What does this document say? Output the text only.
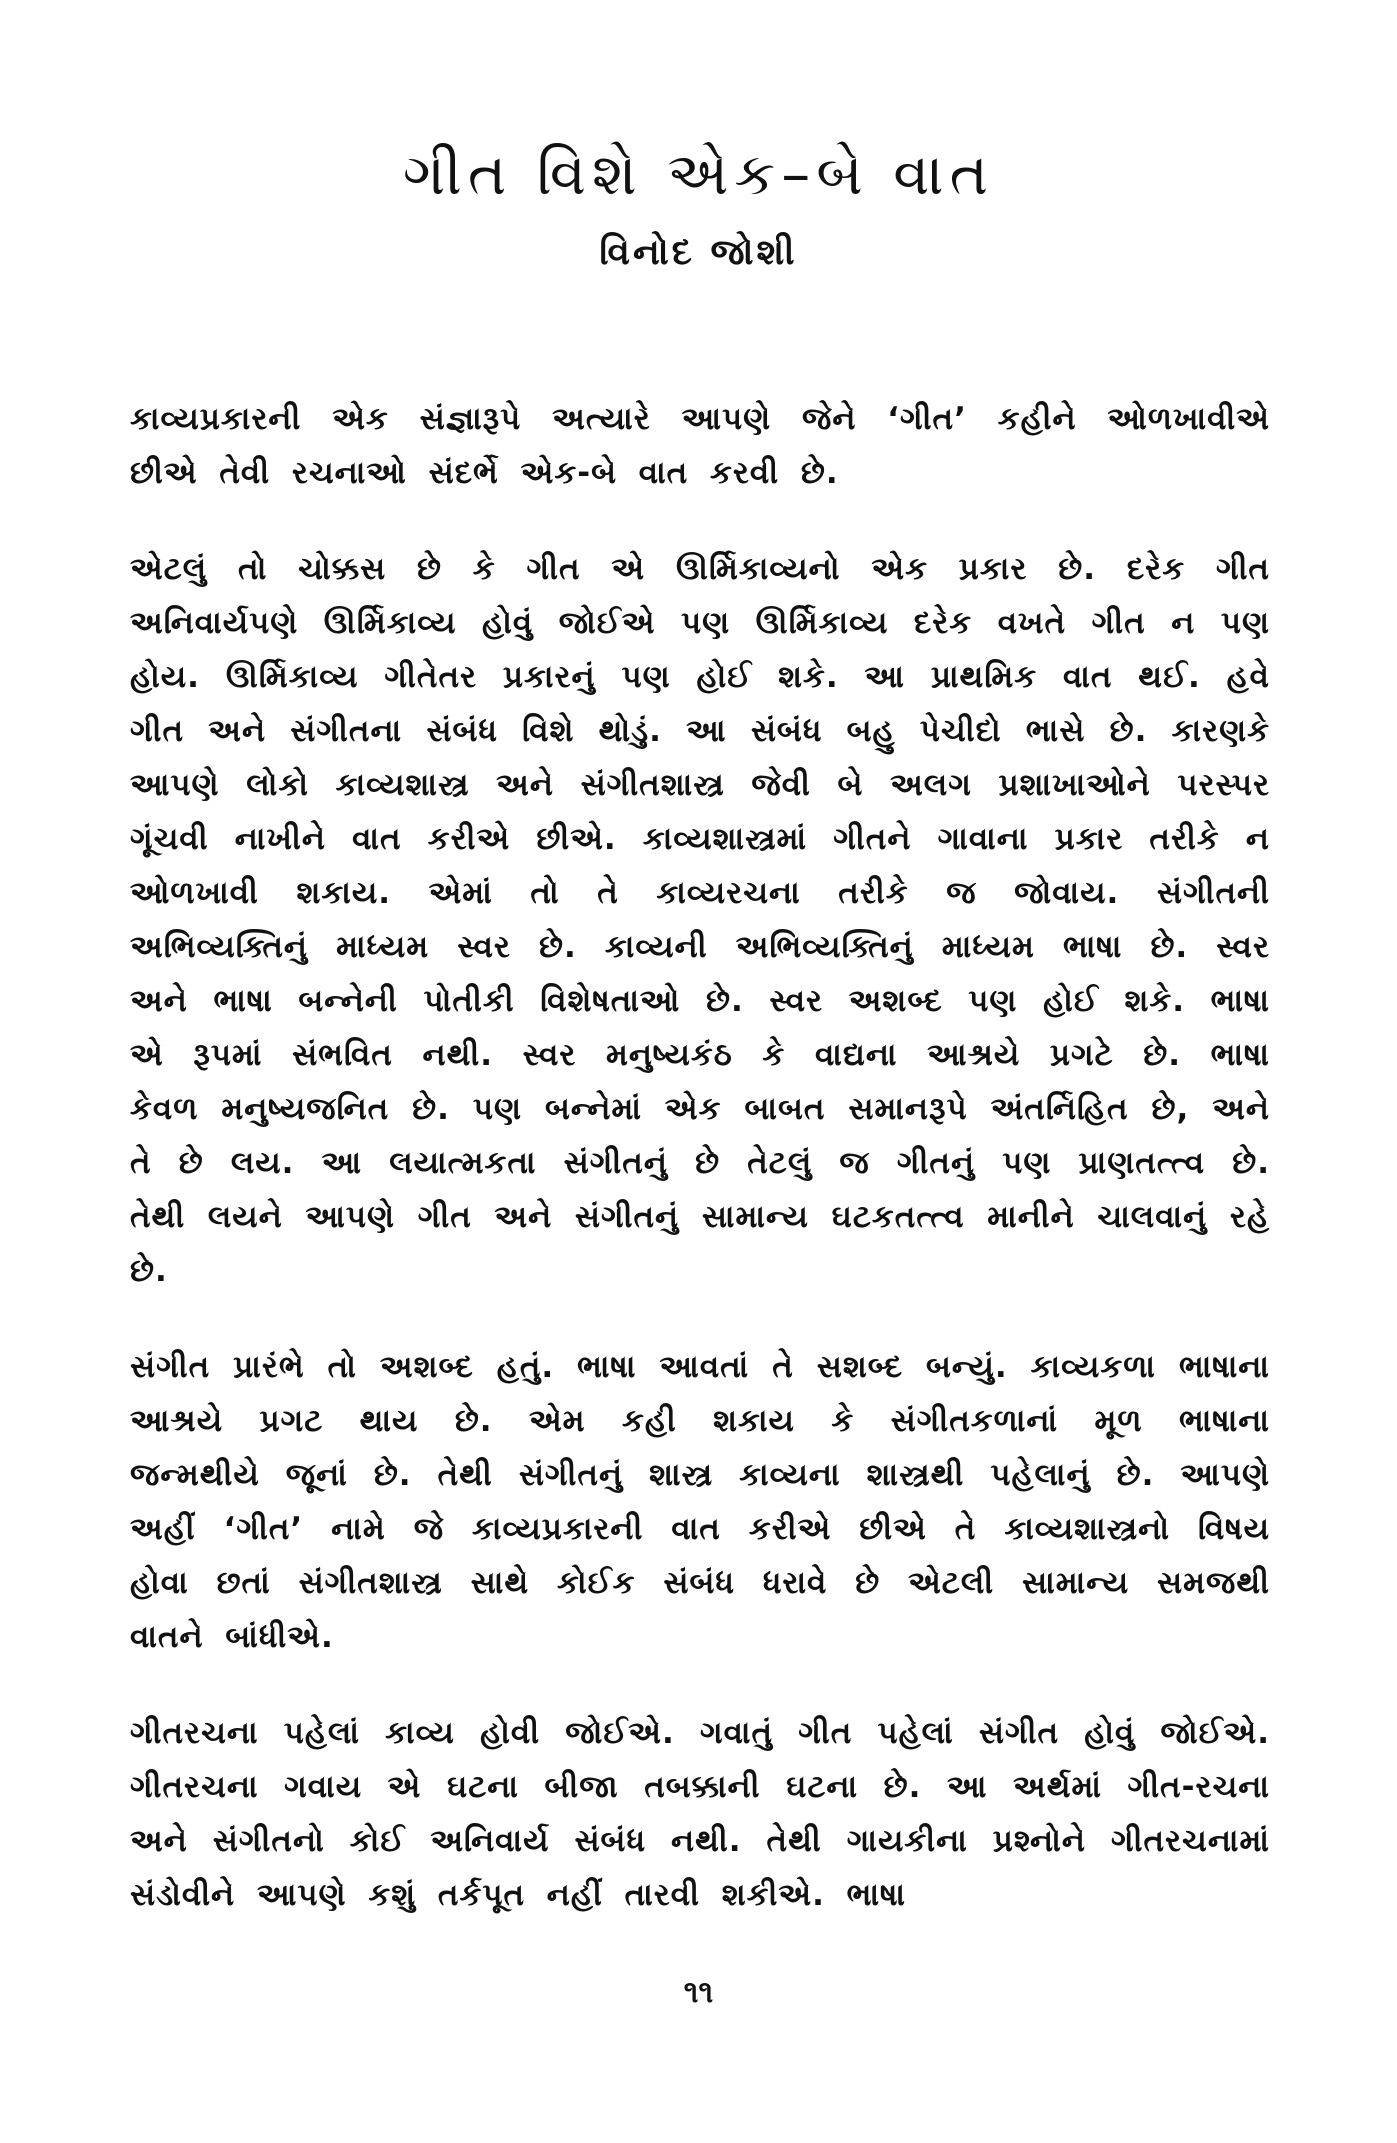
ગીત વિશે એક–બે વાત
વિનોદ જોશી

કાવ્યપ્રકારની એક સંજ્ઞારૂપે અત્યારે આપણે જેને ‘ગીત’ કહીને ઓળખાવીએ છીએ તેવી રચનાઓ સંદર્ભે એક-બે વાત કરવી છે.

એટલું તો ચોક્કસ છે કે ગીત એ ઊર્મિકાવ્યનો એક પ્રકાર છે. દરેક ગીત અનિવાર્યપણે ઊર્મિકાવ્ય હોવું જોઈએ પણ ઊર્મિકાવ્ય દરેક વખતે ગીત ન પણ હોય. ઊર્મિકાવ્ય ગીતેતર પ્રકારનું પણ હોઈ શકે. આ પ્રાથમિક વાત થઈ. હવે ગીત અને સંગીતના સંબંધ વિશે થોડું. આ સંબંધ બહુ પેચીદો ભાસે છે. કારણકે આપણે લોકો કાવ્યશાસ્ત્ર અને સંગીતશાસ્ત્ર જેવી બે અલગ પ્રશાખાઓને પરસ્પર ગૂંચવી નાખીને વાત કરીએ છીએ. કાવ્યશાસ્ત્રમાં ગીતને ગાવાના પ્રકાર તરીકે ન ઓળખાવી શકાય. એમાં તો તે કાવ્યરચના તરીકે જ જોવાય. સંગીતની અભિવ્યક્તિનું માધ્યમ સ્વર છે. કાવ્યની અભિવ્યક્તિનું માધ્યમ ભાષા છે. સ્વર અને ભાષા બન્નેની પોતીકી વિશેષતાઓ છે. સ્વર અશબ્દ પણ હોઈ શકે. ભાષા એ રૂપમાં સંભવિત નથી. સ્વર મનુષ્યકંઠ કે વાદ્યના આશ્રયે પ્રગટે છે. ભાષા કેવળ મનુષ્યજનિત છે. પણ બન્નેમાં એક બાબત સમાનરૂપે અંતર્નિહિત છે, અને તે છે લય. આ લયાત્મકતા સંગીતનું છે તેટલું જ ગીતનું પણ પ્રાણતત્ત્વ છે. તેથી લયને આપણે ગીત અને સંગીતનું સામાન્ય ઘટકતત્ત્વ માનીને ચાલવાનું રહે છે.

સંગીત પ્રારંભે તો અશબ્દ હતું. ભાષા આવતાં તે સશબ્દ બન્યું. કાવ્યકળા ભાષાના આશ્રયે પ્રગટ થાય છે. એમ કહી શકાય કે સંગીતકળાનાં મૂળ ભાષાના જન્મથીયે જૂનાં છે. તેથી સંગીતનું શાસ્ત્ર કાવ્યના શાસ્ત્રથી પહેલાનું છે. આપણે અહીં ‘ગીત’ નામે જે કાવ્યપ્રકારની વાત કરીએ છીએ તે કાવ્યશાસ્ત્રનો વિષય હોવા છતાં સંગીતશાસ્ત્ર સાથે કોઈક સંબંધ ધરાવે છે એટલી સામાન્ય સમજથી વાતને બાંધીએ.

ગીતરચના પહેલાં કાવ્ય હોવી જોઈએ. ગવાતું ગીત પહેલાં સંગીત હોવું જોઈએ. ગીતરચના ગવાય એ ઘટના બીજા તબક્કાની ઘટના છે. આ અર્થમાં ગીત-રચના અને સંગીતનો કોઈ અનિવાર્ય સંબંધ નથી. તેથી ગાયકીના પ્રશ્નોને ગીતરચનામાં સંડોવીને આપણે કશું તર્કપૂત નહીં તારવી શકીએ. ભાષા

૧૧
